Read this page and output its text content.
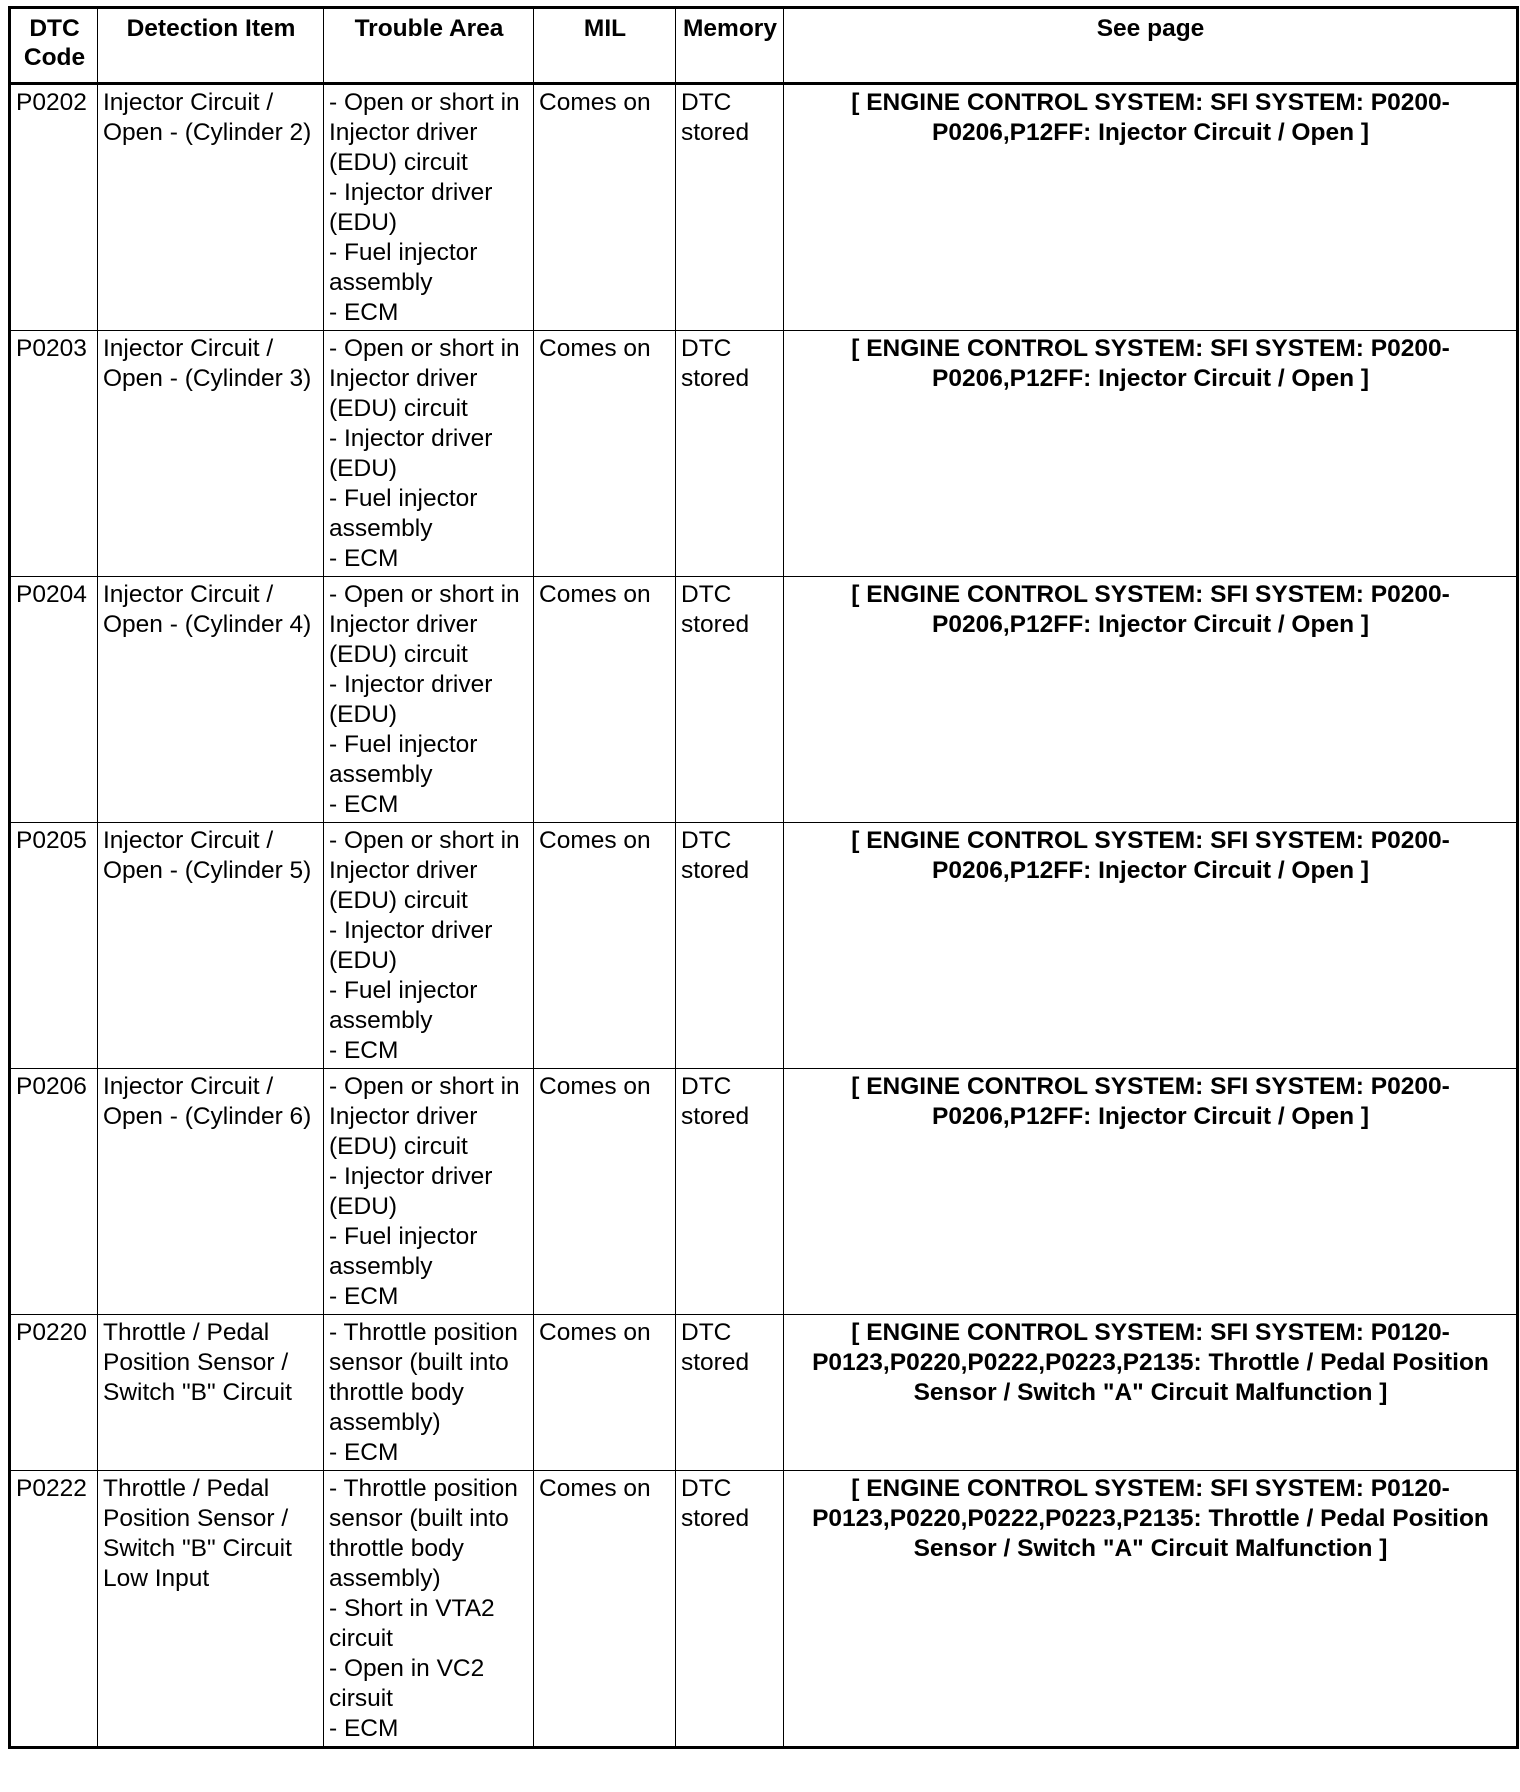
DTC Code	Detection Item	Trouble Area	MIL	Memory	See page
P0202	Injector Circuit / Open - (Cylinder 2)	- Open or short in Injector driver (EDU) circuit
- Injector driver (EDU)
- Fuel injector assembly
- ECM	Comes on	DTC stored	[ ENGINE CONTROL SYSTEM: SFI SYSTEM: P0200-P0206,P12FF: Injector Circuit / Open ]
P0203	Injector Circuit / Open - (Cylinder 3)	- Open or short in Injector driver (EDU) circuit
- Injector driver (EDU)
- Fuel injector assembly
- ECM	Comes on	DTC stored	[ ENGINE CONTROL SYSTEM: SFI SYSTEM: P0200-P0206,P12FF: Injector Circuit / Open ]
P0204	Injector Circuit / Open - (Cylinder 4)	- Open or short in Injector driver (EDU) circuit
- Injector driver (EDU)
- Fuel injector assembly
- ECM	Comes on	DTC stored	[ ENGINE CONTROL SYSTEM: SFI SYSTEM: P0200-P0206,P12FF: Injector Circuit / Open ]
P0205	Injector Circuit / Open - (Cylinder 5)	- Open or short in Injector driver (EDU) circuit
- Injector driver (EDU)
- Fuel injector assembly
- ECM	Comes on	DTC stored	[ ENGINE CONTROL SYSTEM: SFI SYSTEM: P0200-P0206,P12FF: Injector Circuit / Open ]
P0206	Injector Circuit / Open - (Cylinder 6)	- Open or short in Injector driver (EDU) circuit
- Injector driver (EDU)
- Fuel injector assembly
- ECM	Comes on	DTC stored	[ ENGINE CONTROL SYSTEM: SFI SYSTEM: P0200-P0206,P12FF: Injector Circuit / Open ]
P0220	Throttle / Pedal Position Sensor / Switch "B" Circuit	- Throttle position sensor (built into throttle body assembly)
- ECM	Comes on	DTC stored	[ ENGINE CONTROL SYSTEM: SFI SYSTEM: P0120-P0123,P0220,P0222,P0223,P2135: Throttle / Pedal Position Sensor / Switch "A" Circuit Malfunction ]
P0222	Throttle / Pedal Position Sensor / Switch "B" Circuit Low Input	- Throttle position sensor (built into throttle body assembly)
- Short in VTA2 circuit
- Open in VC2 cirsuit
- ECM	Comes on	DTC stored	[ ENGINE CONTROL SYSTEM: SFI SYSTEM: P0120-P0123,P0220,P0222,P0223,P2135: Throttle / Pedal Position Sensor / Switch "A" Circuit Malfunction ]
